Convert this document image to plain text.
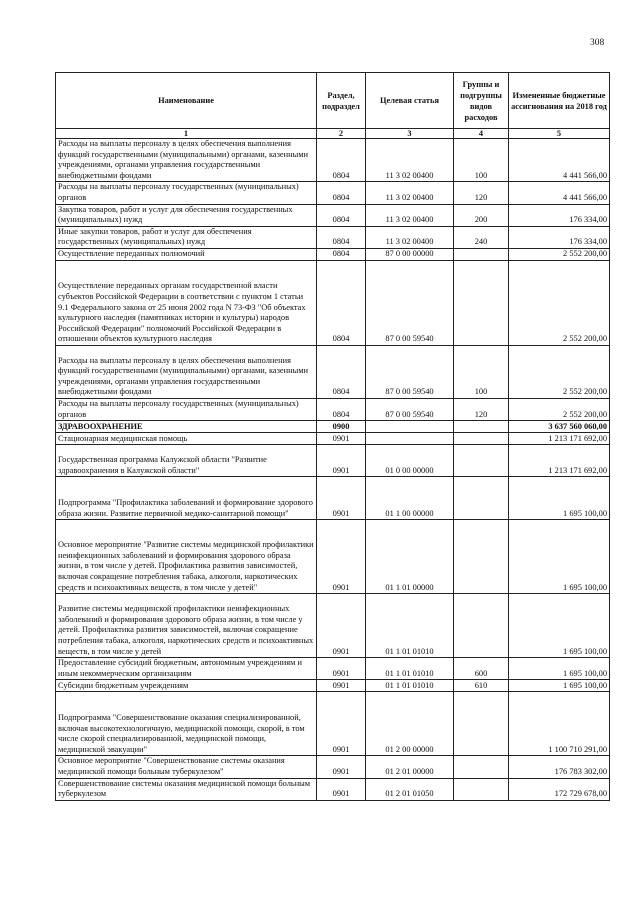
308
Наименование	Раздел, подраздел	Целевая статья	Группы и подгруппы видов расходов	Измененные бюджетные ассигнования на 2018 год
1	2	3	4	5
Расходы на выплаты персоналу в целях обеспечения выполнения функций государственными (муниципальными) органами, казенными учреждениями, органами управления государственными внебюджетными фондами	0804	11 3 02 00400	100	4 441 566,00
Расходы на выплаты персоналу государственных (муниципальных) органов	0804	11 3 02 00400	120	4 441 566,00
Закупка товаров, работ и услуг для обеспечения государственных (муниципальных) нужд	0804	11 3 02 00400	200	176 334,00
Иные закупки товаров, работ и услуг для обеспечения государственных (муниципальных) нужд	0804	11 3 02 00400	240	176 334,00
Осуществление переданных полномочий	0804	87 0 00 00000		2 552 200,00
Осуществление переданных органам государственной власти субъектов Российской Федерации в соответствии с пунктом 1 статьи 9.1 Федерального закона от 25 июня 2002 года N 73-ФЗ "Об объектах культурного наследия (памятниках истории и культуры) народов Российской Федерации" полномочий Российской Федерации в отношении объектов культурного наследия	0804	87 0 00 59540		2 552 200,00
Расходы на выплаты персоналу в целях обеспечения выполнения функций государственными (муниципальными) органами, казенными учреждениями, органами управления государственными внебюджетными фондами	0804	87 0 00 59540	100	2 552 200,00
Расходы на выплаты персоналу государственных (муниципальных) органов	0804	87 0 00 59540	120	2 552 200,00
ЗДРАВООХРАНЕНИЕ	0900			3 637 560 060,00
Стационарная медицинская помощь	0901			1 213 171 692,00
Государственная программа Калужской области "Развитие здравоохранения в Калужской области"	0901	01 0 00 00000		1 213 171 692,00
Подпрограмма "Профилактика заболеваний и формирование здорового образа жизни. Развитие первичной медико-санитарной помощи"	0901	01 1 00 00000		1 695 100,00
Основное мероприятие "Развитие системы медицинской профилактики неинфекционных заболеваний и формирования здорового образа жизни, в том числе у детей. Профилактика развития зависимостей, включая сокращение потребления табака, алкоголя, наркотических средств и психоактивных веществ, в том числе у детей"	0901	01 1 01 00000		1 695 100,00
Развитие системы медицинской профилактики неинфекционных заболеваний и формирования здорового образа жизни, в том числе у детей. Профилактика развития зависимостей, включая сокращение потребления табака, алкоголя, наркотических средств и психоактивных веществ, в том числе у детей	0901	01 1 01 01010		1 695 100,00
Предоставление субсидий бюджетным, автономным учреждениям и иным некоммерческим организациям	0901	01 1 01 01010	600	1 695 100,00
Субсидии бюджетным учреждениям	0901	01 1 01 01010	610	1 695 100,00
Подпрограмма "Совершенствование оказания специализированной, включая высокотехнологичную, медицинской помощи, скорой, в том числе скорой специализированной, медицинской помощи, медицинской эвакуации"	0901	01 2 00 00000		1 100 710 291,00
Основное мероприятие "Совершенствование системы оказания медицинской помощи больным туберкулезом"	0901	01 2 01 00000		176 783 302,00
Совершенствование системы оказания медицинской помощи больным туберкулезом	0901	01 2 01 01050		172 729 678,00
